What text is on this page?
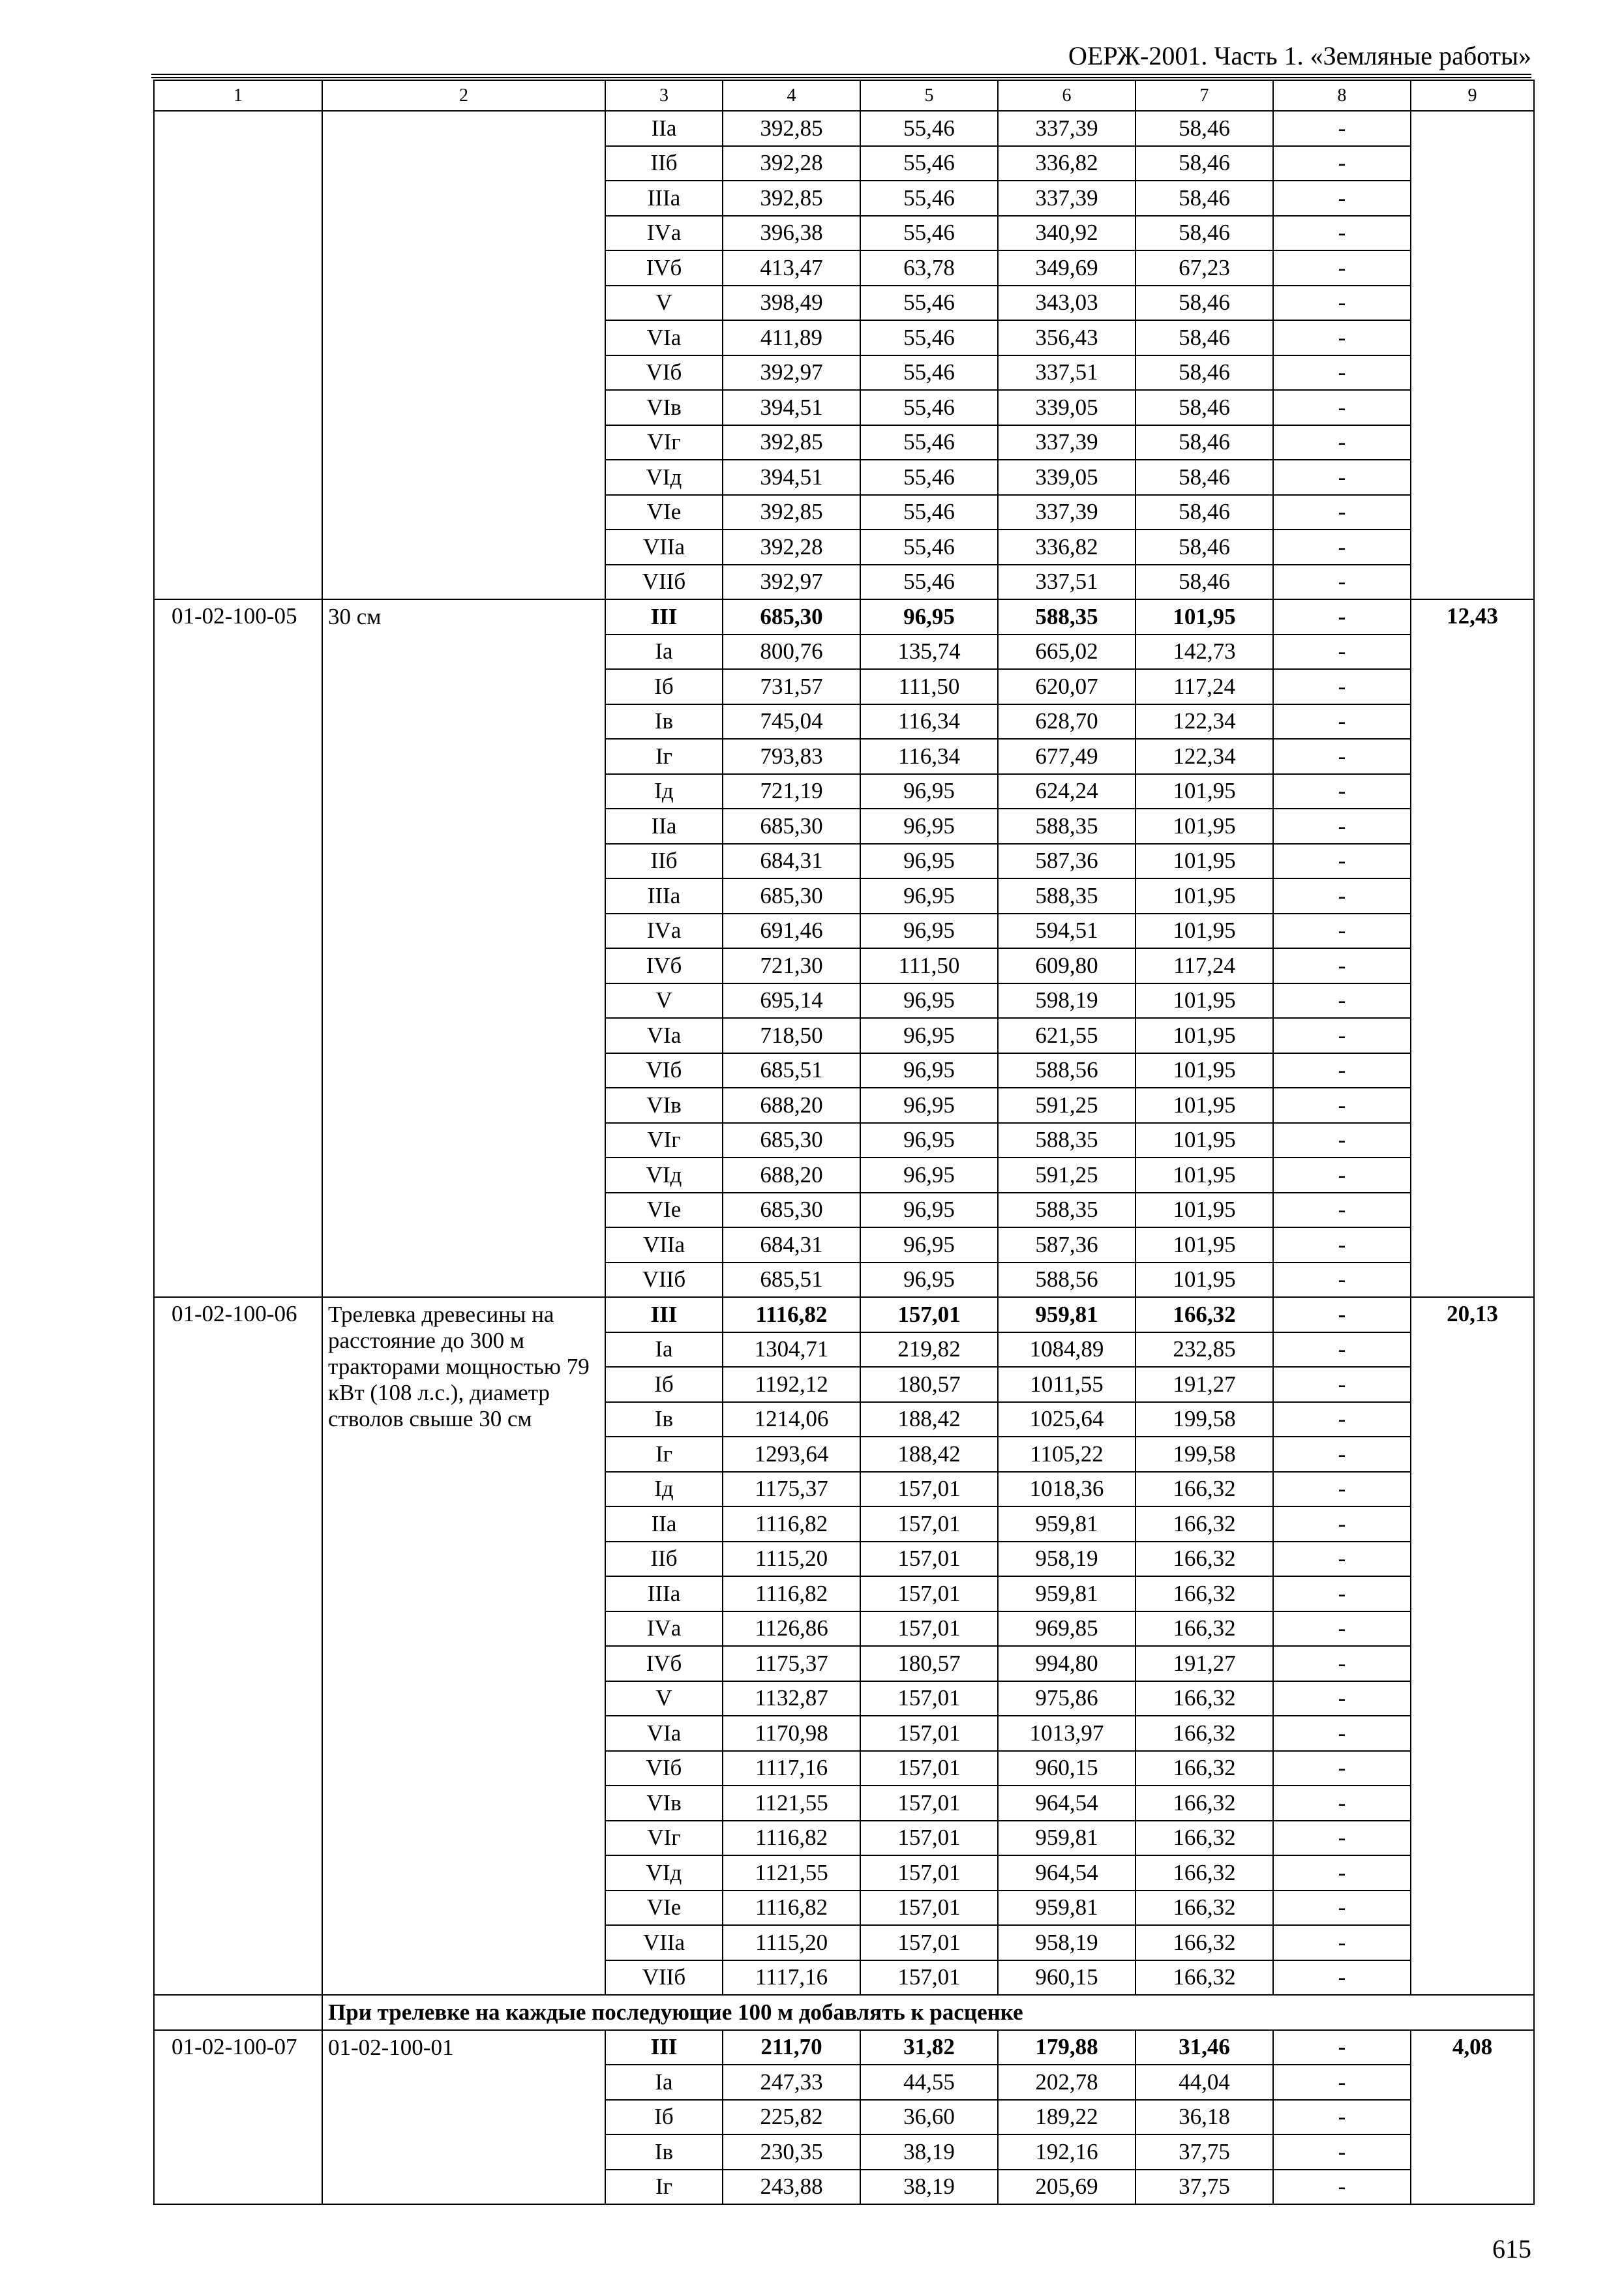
ОЕРЖ-2001. Часть 1. «Земляные работы»
1	2	3	4	5	6	7	8	9
		IIа	392,85	55,46	337,39	58,46	-	
		IIб	392,28	55,46	336,82	58,46	-	
		IIIа	392,85	55,46	337,39	58,46	-	
		IVа	396,38	55,46	340,92	58,46	-	
		IVб	413,47	63,78	349,69	67,23	-	
		V	398,49	55,46	343,03	58,46	-	
		VIа	411,89	55,46	356,43	58,46	-	
		VIб	392,97	55,46	337,51	58,46	-	
		VIв	394,51	55,46	339,05	58,46	-	
		VIг	392,85	55,46	337,39	58,46	-	
		VIд	394,51	55,46	339,05	58,46	-	
		VIе	392,85	55,46	337,39	58,46	-	
		VIIа	392,28	55,46	336,82	58,46	-	
		VIIб	392,97	55,46	337,51	58,46	-	
01-02-100-05	30 см	III	685,30	96,95	588,35	101,95	-	12,43
		Iа	800,76	135,74	665,02	142,73	-	
		Iб	731,57	111,50	620,07	117,24	-	
		Iв	745,04	116,34	628,70	122,34	-	
		Iг	793,83	116,34	677,49	122,34	-	
		Iд	721,19	96,95	624,24	101,95	-	
		IIа	685,30	96,95	588,35	101,95	-	
		IIб	684,31	96,95	587,36	101,95	-	
		IIIа	685,30	96,95	588,35	101,95	-	
		IVа	691,46	96,95	594,51	101,95	-	
		IVб	721,30	111,50	609,80	117,24	-	
		V	695,14	96,95	598,19	101,95	-	
		VIа	718,50	96,95	621,55	101,95	-	
		VIб	685,51	96,95	588,56	101,95	-	
		VIв	688,20	96,95	591,25	101,95	-	
		VIг	685,30	96,95	588,35	101,95	-	
		VIд	688,20	96,95	591,25	101,95	-	
		VIе	685,30	96,95	588,35	101,95	-	
		VIIа	684,31	96,95	587,36	101,95	-	
		VIIб	685,51	96,95	588,56	101,95	-	
01-02-100-06	Трелевка древесины на расстояние до 300 м тракторами мощностью 79 кВт (108 л.с.), диаметр стволов свыше 30 см	III	1116,82	157,01	959,81	166,32	-	20,13
		Iа	1304,71	219,82	1084,89	232,85	-	
		Iб	1192,12	180,57	1011,55	191,27	-	
		Iв	1214,06	188,42	1025,64	199,58	-	
		Iг	1293,64	188,42	1105,22	199,58	-	
		Iд	1175,37	157,01	1018,36	166,32	-	
		IIа	1116,82	157,01	959,81	166,32	-	
		IIб	1115,20	157,01	958,19	166,32	-	
		IIIа	1116,82	157,01	959,81	166,32	-	
		IVа	1126,86	157,01	969,85	166,32	-	
		IVб	1175,37	180,57	994,80	191,27	-	
		V	1132,87	157,01	975,86	166,32	-	
		VIа	1170,98	157,01	1013,97	166,32	-	
		VIб	1117,16	157,01	960,15	166,32	-	
		VIв	1121,55	157,01	964,54	166,32	-	
		VIг	1116,82	157,01	959,81	166,32	-	
		VIд	1121,55	157,01	964,54	166,32	-	
		VIе	1116,82	157,01	959,81	166,32	-	
		VIIа	1115,20	157,01	958,19	166,32	-	
		VIIб	1117,16	157,01	960,15	166,32	-	
	При трелевке на каждые последующие 100 м добавлять к расценке							
01-02-100-07	01-02-100-01	III	211,70	31,82	179,88	31,46	-	4,08
		Iа	247,33	44,55	202,78	44,04	-	
		Iб	225,82	36,60	189,22	36,18	-	
		Iв	230,35	38,19	192,16	37,75	-	
		Iг	243,88	38,19	205,69	37,75	-	
615
